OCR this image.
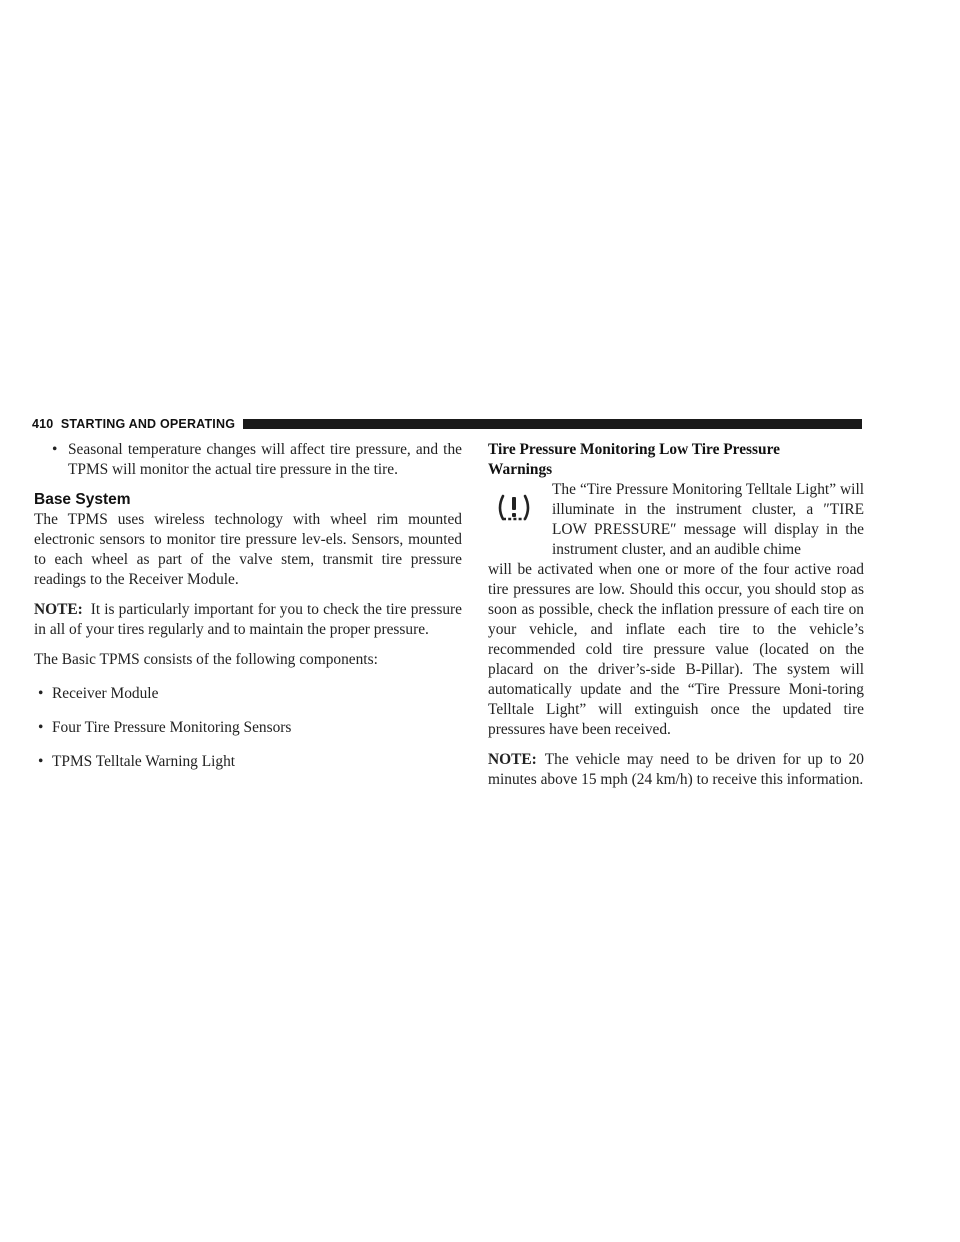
410 STARTING AND OPERATING

• Seasonal temperature changes will affect tire pressure, and the TPMS will monitor the actual tire pressure in the tire.

Base System

The TPMS uses wireless technology with wheel rim mounted electronic sensors to monitor tire pressure lev-els. Sensors, mounted to each wheel as part of the valve stem, transmit tire pressure readings to the Receiver Module.

NOTE: It is particularly important for you to check the tire pressure in all of your tires regularly and to maintain the proper pressure.

The Basic TPMS consists of the following components:

• Receiver Module

• Four Tire Pressure Monitoring Sensors

• TPMS Telltale Warning Light

Tire Pressure Monitoring Low Tire Pressure
Warnings

The “Tire Pressure Monitoring Telltale Light” will illuminate in the instrument cluster, a ″TIRE LOW PRESSURE″ message will display in the instrument cluster, and an audible chime

will be activated when one or more of the four active road tire pressures are low. Should this occur, you should stop as soon as possible, check the inflation pressure of each tire on your vehicle, and inflate each tire to the vehicle’s recommended cold tire pressure value (located on the placard on the driver’s-side B-Pillar). The system will automatically update and the “Tire Pressure Moni-toring Telltale Light” will extinguish once the updated tire pressures have been received.

NOTE: The vehicle may need to be driven for up to 20 minutes above 15 mph (24 km/h) to receive this information.
